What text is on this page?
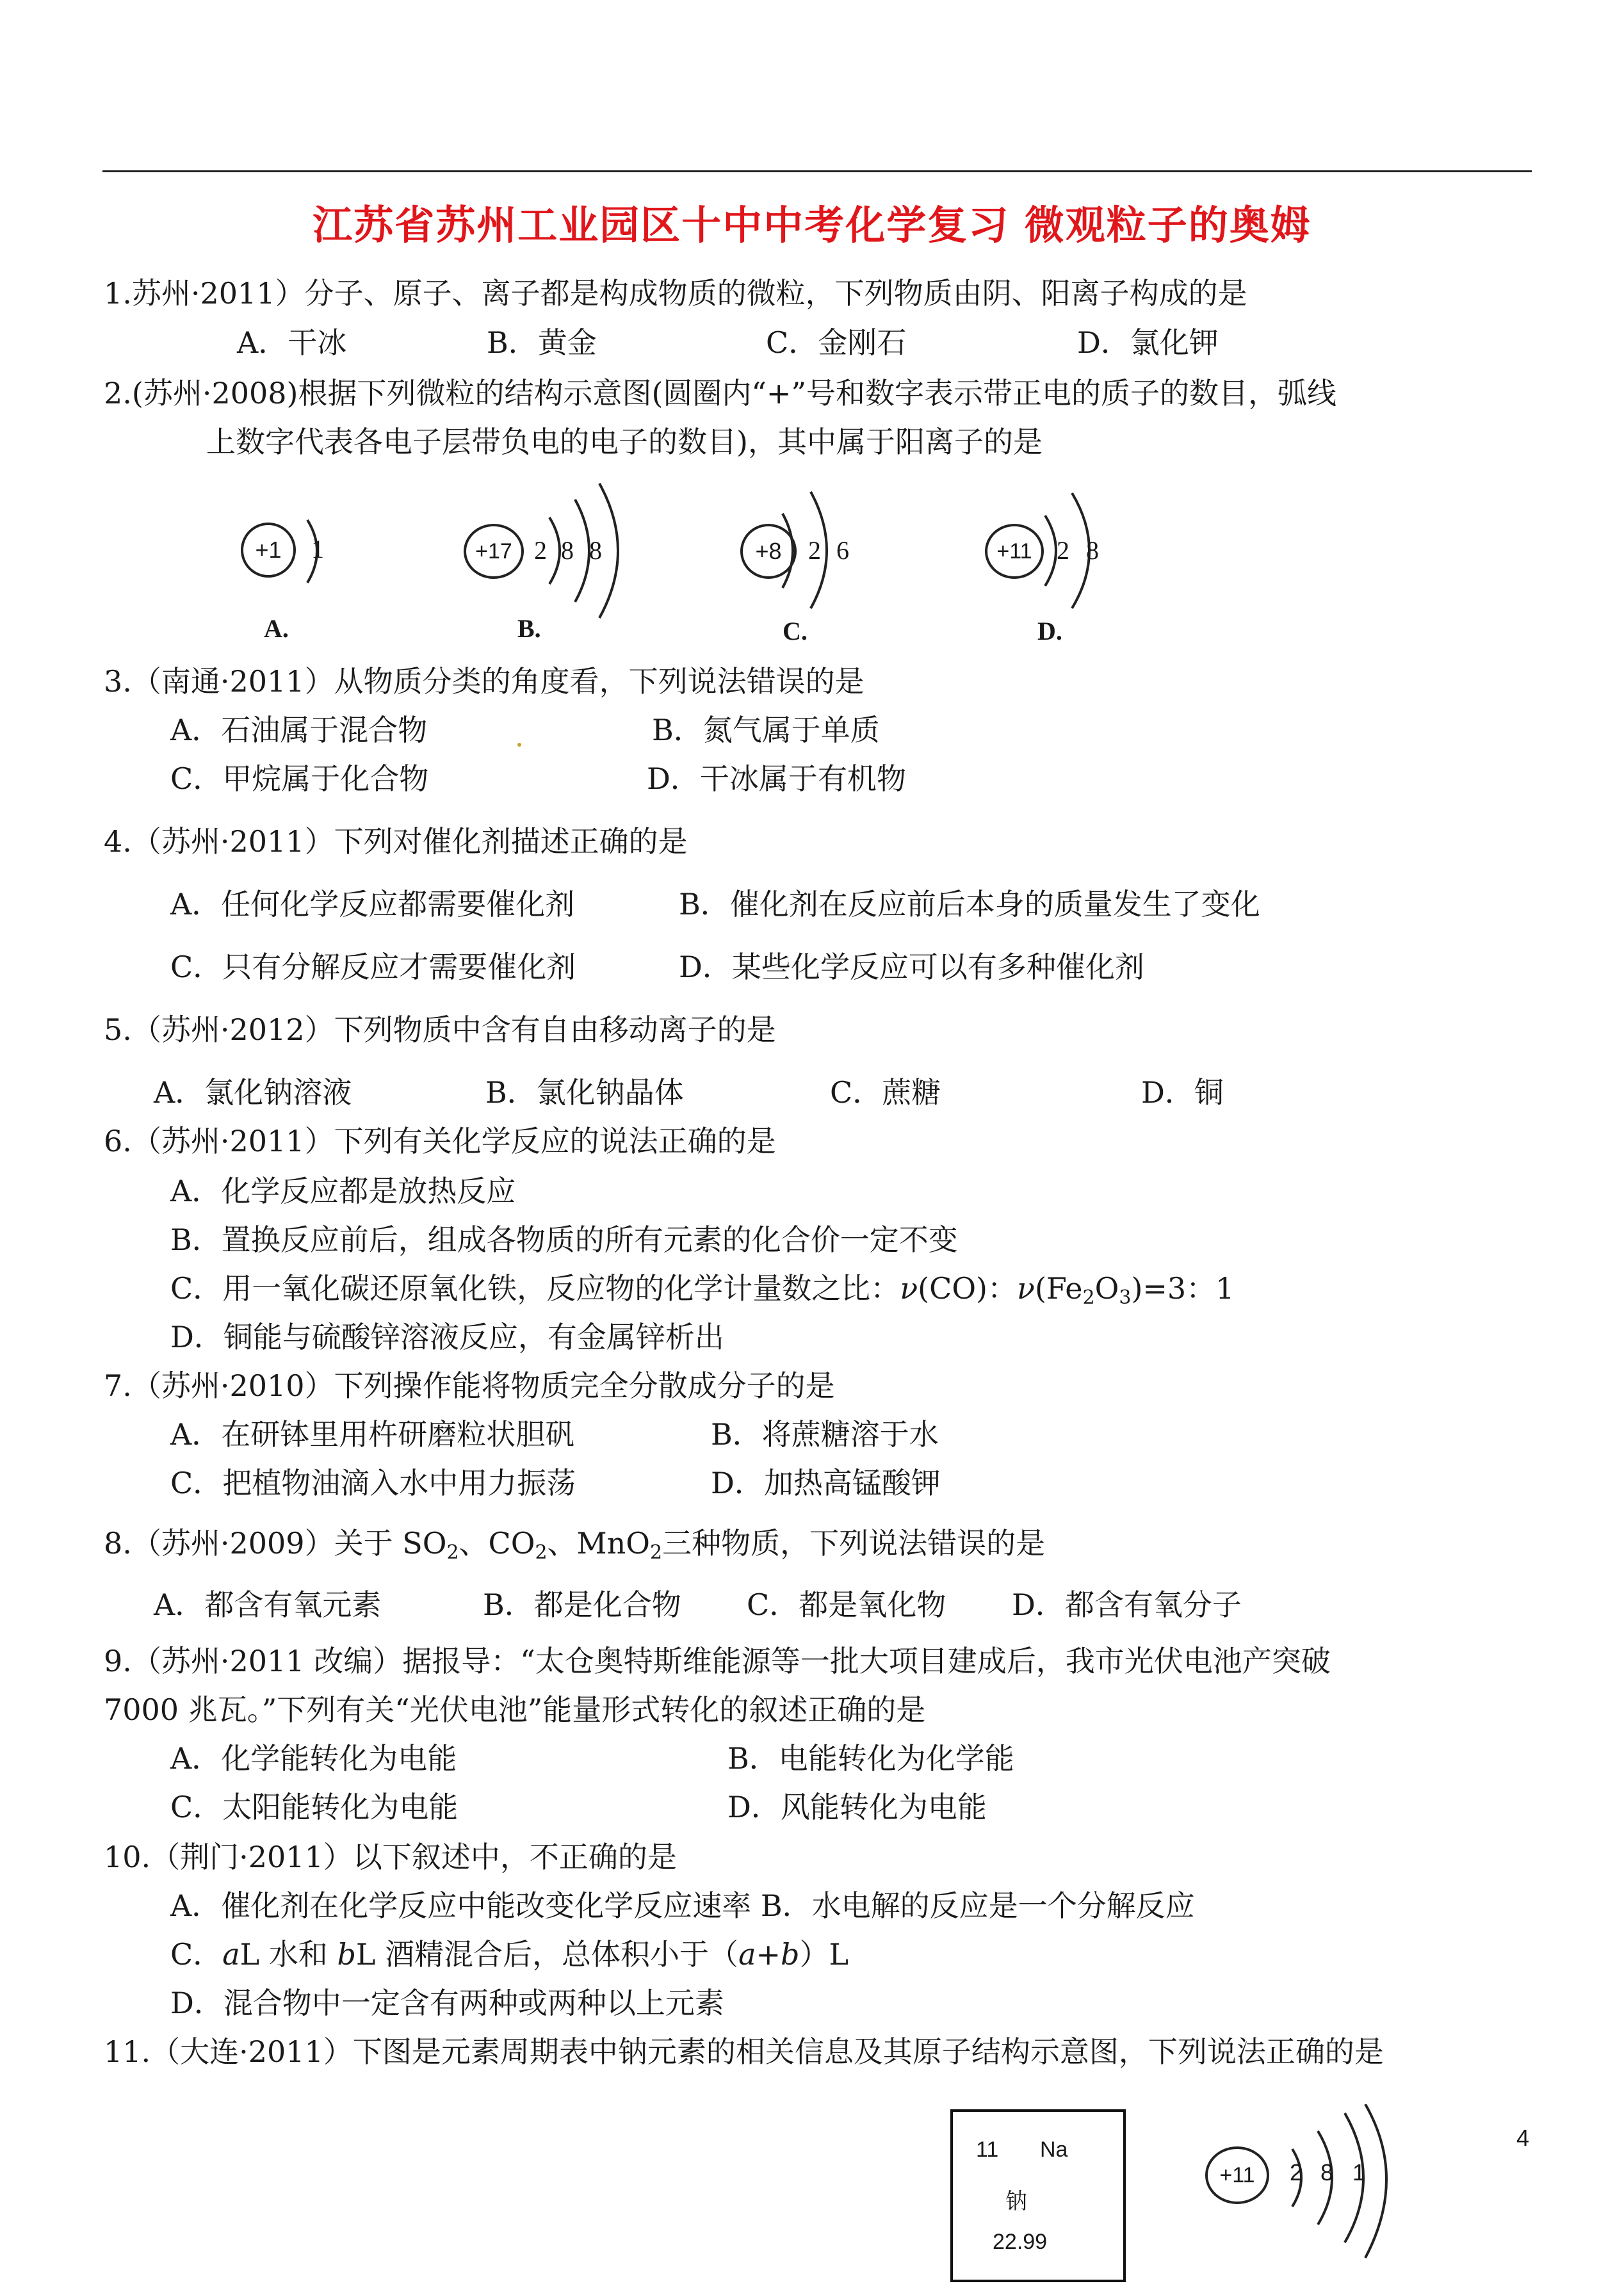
江苏省苏州工业园区十中中考化学复习 微观粒子的奥姆
1.苏州·2011）分子、原子、离子都是构成物质的微粒，下列物质由阴、阳离子构成的是
A．干冰	B．黄金	C．金刚石	D．氯化钾
2.(苏州·2008)根据下列微粒的结构示意图(圆圈内“+”号和数字表示带正电的质子的数目，弧线
上数字代表各电子层带负电的电子的数目)，其中属于阳离子的是
+1	1
A.
+17 2 8 8
B.
+8	2 6
C.
+11 2 8
D.
3.（南通·2011）从物质分类的角度看，下列说法错误的是
A．石油属于混合物	B．氮气属于单质
C．甲烷属于化合物	D．干冰属于有机物
4.（苏州·2011）下列对催化剂描述正确的是
A．任何化学反应都需要催化剂	B．催化剂在反应前后本身的质量发生了变化
C．只有分解反应才需要催化剂	D．某些化学反应可以有多种催化剂
5.（苏州·2012）下列物质中含有自由移动离子的是
A．氯化钠溶液	B．氯化钠晶体	C．蔗糖	D．铜
6.（苏州·2011）下列有关化学反应的说法正确的是
A．化学反应都是放热反应
B．置换反应前后，组成各物质的所有元素的化合价一定不变
C．用一氧化碳还原氧化铁，反应物的化学计量数之比：ν(CO)：$\nu(Fe_2O_3)=3$：1
D．铜能与硫酸锌溶液反应，有金属锌析出
7.（苏州·2010）下列操作能将物质完全分散成分子的是
A．在研钵里用杵研磨粒状胆矾	B．将蔗糖溶于水
C．把植物油滴入水中用力振荡	D．加热高锰酸钾
8.（苏州·2009）关于 $SO_2$、$CO_2$、MnO$_2$三种物质，下列说法错误的是
A．都含有氧元素	B．都是化合物 C．都是氧化物 D．都含有氧分子
9.（苏州·2011 改编）据报导：“太仓奥特斯维能源等一批大项目建成后，我市光伏电池产突破
7000 兆瓦。”下列有关“光伏电池”能量形式转化的叙述正确的是
A．化学能转化为电能	B．电能转化为化学能
C．太阳能转化为电能	D．风能转化为电能
10.（荆门·2011）以下叙述中，不正确的是
A．催化剂在化学反应中能改变化学反应速率 B．水电解的反应是一个分解反应
C．aL 水和 bL 酒精混合后，总体积小于（a+b）L
D．混合物中一定含有两种或两种以上元素
11.（大连·2011）下图是元素周期表中钠元素的相关信息及其原子结构示意图，下列说法正确的是
11 Na
钠
22.99
+11	2 8 1
4
